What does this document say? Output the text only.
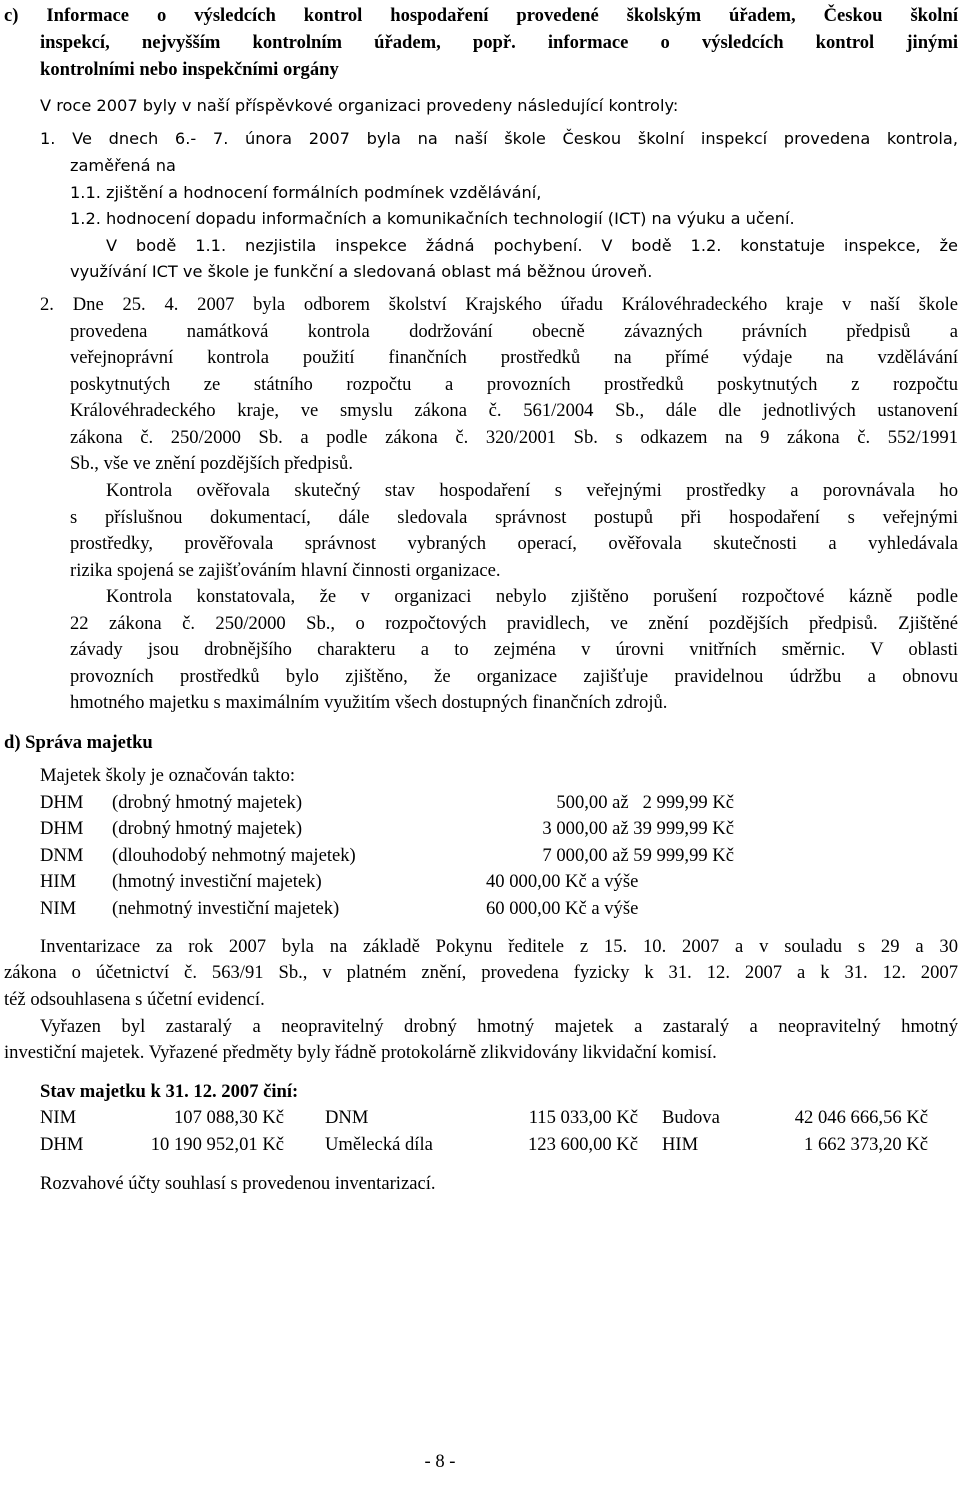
c) Informace o výsledcích kontrol hospodaření provedené školským úřadem, Českou školní
inspekcí, nejvyšším kontrolním úřadem, popř. informace o výsledcích kontrol jinými
kontrolními nebo inspekčními orgány
V roce 2007 byly v naší příspěvkové organizaci provedeny následující kontroly:
1. Ve dnech 6.- 7. února 2007 byla na naší škole Českou školní inspekcí provedena kontrola,
zaměřená na
1.1. zjištění a hodnocení formálních podmínek vzdělávání,
1.2. hodnocení dopadu informačních a komunikačních technologií (ICT) na výuku a učení.
V bodě 1.1. nezjistila inspekce žádná pochybení. V bodě 1.2. konstatuje inspekce, že
využívání ICT ve škole je funkční a sledovaná oblast má běžnou úroveň.
2. Dne 25. 4. 2007 byla odborem školství Krajského úřadu Královéhradeckého kraje v naší škole
provedena namátková kontrola dodržování obecně závazných právních předpisů a
veřejnoprávní kontrola použití finančních prostředků na přímé výdaje na vzdělávání
poskytnutých ze státního rozpočtu a provozních prostředků poskytnutých z rozpočtu
Královéhradeckého kraje, ve smyslu zákona č. 561/2004 Sb., dále dle jednotlivých ustanovení
zákona č. 250/2000 Sb. a podle zákona č. 320/2001 Sb. s odkazem na 9 zákona č. 552/1991
Sb., vše ve znění pozdějších předpisů.
Kontrola ověřovala skutečný stav hospodaření s veřejnými prostředky a porovnávala ho
s příslušnou dokumentací, dále sledovala správnost postupů při hospodaření s veřejnými
prostředky, prověřovala správnost vybraných operací, ověřovala skutečnosti a vyhledávala
rizika spojená se zajišťováním hlavní činnosti organizace.
Kontrola konstatovala, že v organizaci nebylo zjištěno porušení rozpočtové kázně podle
22 zákona č. 250/2000 Sb., o rozpočtových pravidlech, ve znění pozdějších předpisů. Zjištěné
závady jsou drobnějšího charakteru a to zejména v úrovni vnitřních směrnic. V oblasti
provozních prostředků bylo zjištěno, že organizace zajišťuje pravidelnou údržbu a obnovu
hmotného majetku s maximálním využitím všech dostupných finančních zdrojů.
d) Správa majetku
Majetek školy je označován takto:
DHM (drobný hmotný majetek)	500,00 až   2 999,99 Kč
DHM (drobný hmotný majetek)	3 000,00 až 39 999,99 Kč
DNM (dlouhodobý nehmotný majetek)	7 000,00 až 59 999,99 Kč
HIM (hmotný investiční majetek)	40 000,00 Kč a výše
NIM (nehmotný investiční majetek)	60 000,00 Kč a výše
Inventarizace za rok 2007 byla na základě Pokynu ředitele z 15. 10. 2007 a v souladu s 29 a 30
zákona o účetnictví č. 563/91 Sb., v platném znění, provedena fyzicky k 31. 12. 2007 a k 31. 12. 2007
též odsouhlasena s účetní evidencí.
Vyřazen byl zastaralý a neopravitelný drobný hmotný majetek a zastaralý a neopravitelný hmotný
investiční majetek. Vyřazené předměty byly řádně protokolárně zlikvidovány likvidační komisí.
Stav majetku k 31. 12. 2007 činí:
NIM	107 088,30 Kč DNM	115 033,00 Kč Budova	42 046 666,56 Kč
DHM	10 190 952,01 Kč Umělecká díla	123 600,00 Kč HIM	1 662 373,20 Kč
Rozvahové účty souhlasí s provedenou inventarizací.
- 8 -
